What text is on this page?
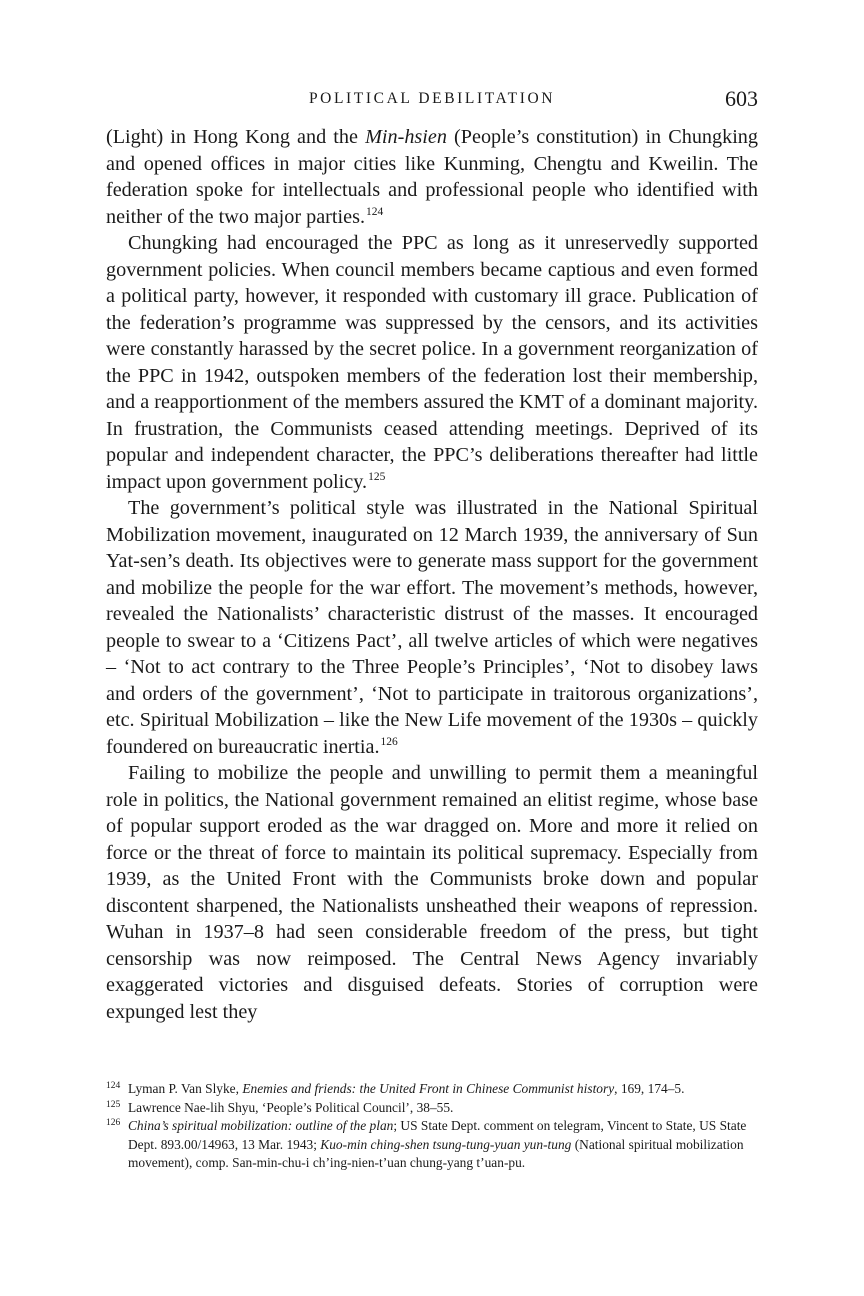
POLITICAL DEBILITATION	603

(Light) in Hong Kong and the Min-hsien (People’s constitution) in Chungking and opened offices in major cities like Kunming, Chengtu and Kweilin. The federation spoke for intellectuals and professional people who identified with neither of the two major parties.$^{124}$

Chungking had encouraged the PPC as long as it unreservedly supported government policies. When council members became captious and even formed a political party, however, it responded with customary ill grace. Publication of the federation’s programme was suppressed by the censors, and its activities were constantly harassed by the secret police. In a government reorganization of the PPC in 1942, outspoken members of the federation lost their membership, and a reapportionment of the members assured the KMT of a dominant majority. In frustration, the Communists ceased attending meetings. Deprived of its popular and independent character, the PPC’s deliberations thereafter had little impact upon government policy.$^{125}$

The government’s political style was illustrated in the National Spiritual Mobilization movement, inaugurated on 12 March 1939, the anniversary of Sun Yat-sen’s death. Its objectives were to generate mass support for the government and mobilize the people for the war effort. The movement’s methods, however, revealed the Nationalists’ characteristic distrust of the masses. It encouraged people to swear to a ‘Citizens Pact’, all twelve articles of which were negatives – ‘Not to act contrary to the Three People’s Principles’, ‘Not to disobey laws and orders of the government’, ‘Not to participate in traitorous organizations’, etc. Spiritual Mobilization – like the New Life movement of the 1930s – quickly foundered on bureaucratic inertia.$^{126}$

Failing to mobilize the people and unwilling to permit them a meaningful role in politics, the National government remained an elitist regime, whose base of popular support eroded as the war dragged on. More and more it relied on force or the threat of force to maintain its political supremacy. Especially from 1939, as the United Front with the Communists broke down and popular discontent sharpened, the Nationalists unsheathed their weapons of repression. Wuhan in 1937–8 had seen considerable freedom of the press, but tight censorship was now reimposed. The Central News Agency invariably exaggerated victories and disguised defeats. Stories of corruption were expunged lest they

124 Lyman P. Van Slyke, Enemies and friends: the United Front in Chinese Communist history, 169, 174–5.

125 Lawrence Nae-lih Shyu, ‘People’s Political Council’, 38–55.

126 China’s spiritual mobilization: outline of the plan; US State Dept. comment on telegram, Vincent to State, US State Dept. 893.00/14963, 13 Mar. 1943; Kuo-min ching-shen tsung-tung-yuan yun-tung (National spiritual mobilization movement), comp. San-min-chu-i ch’ing-nien-t’uan chung-yang t’uan-pu.
